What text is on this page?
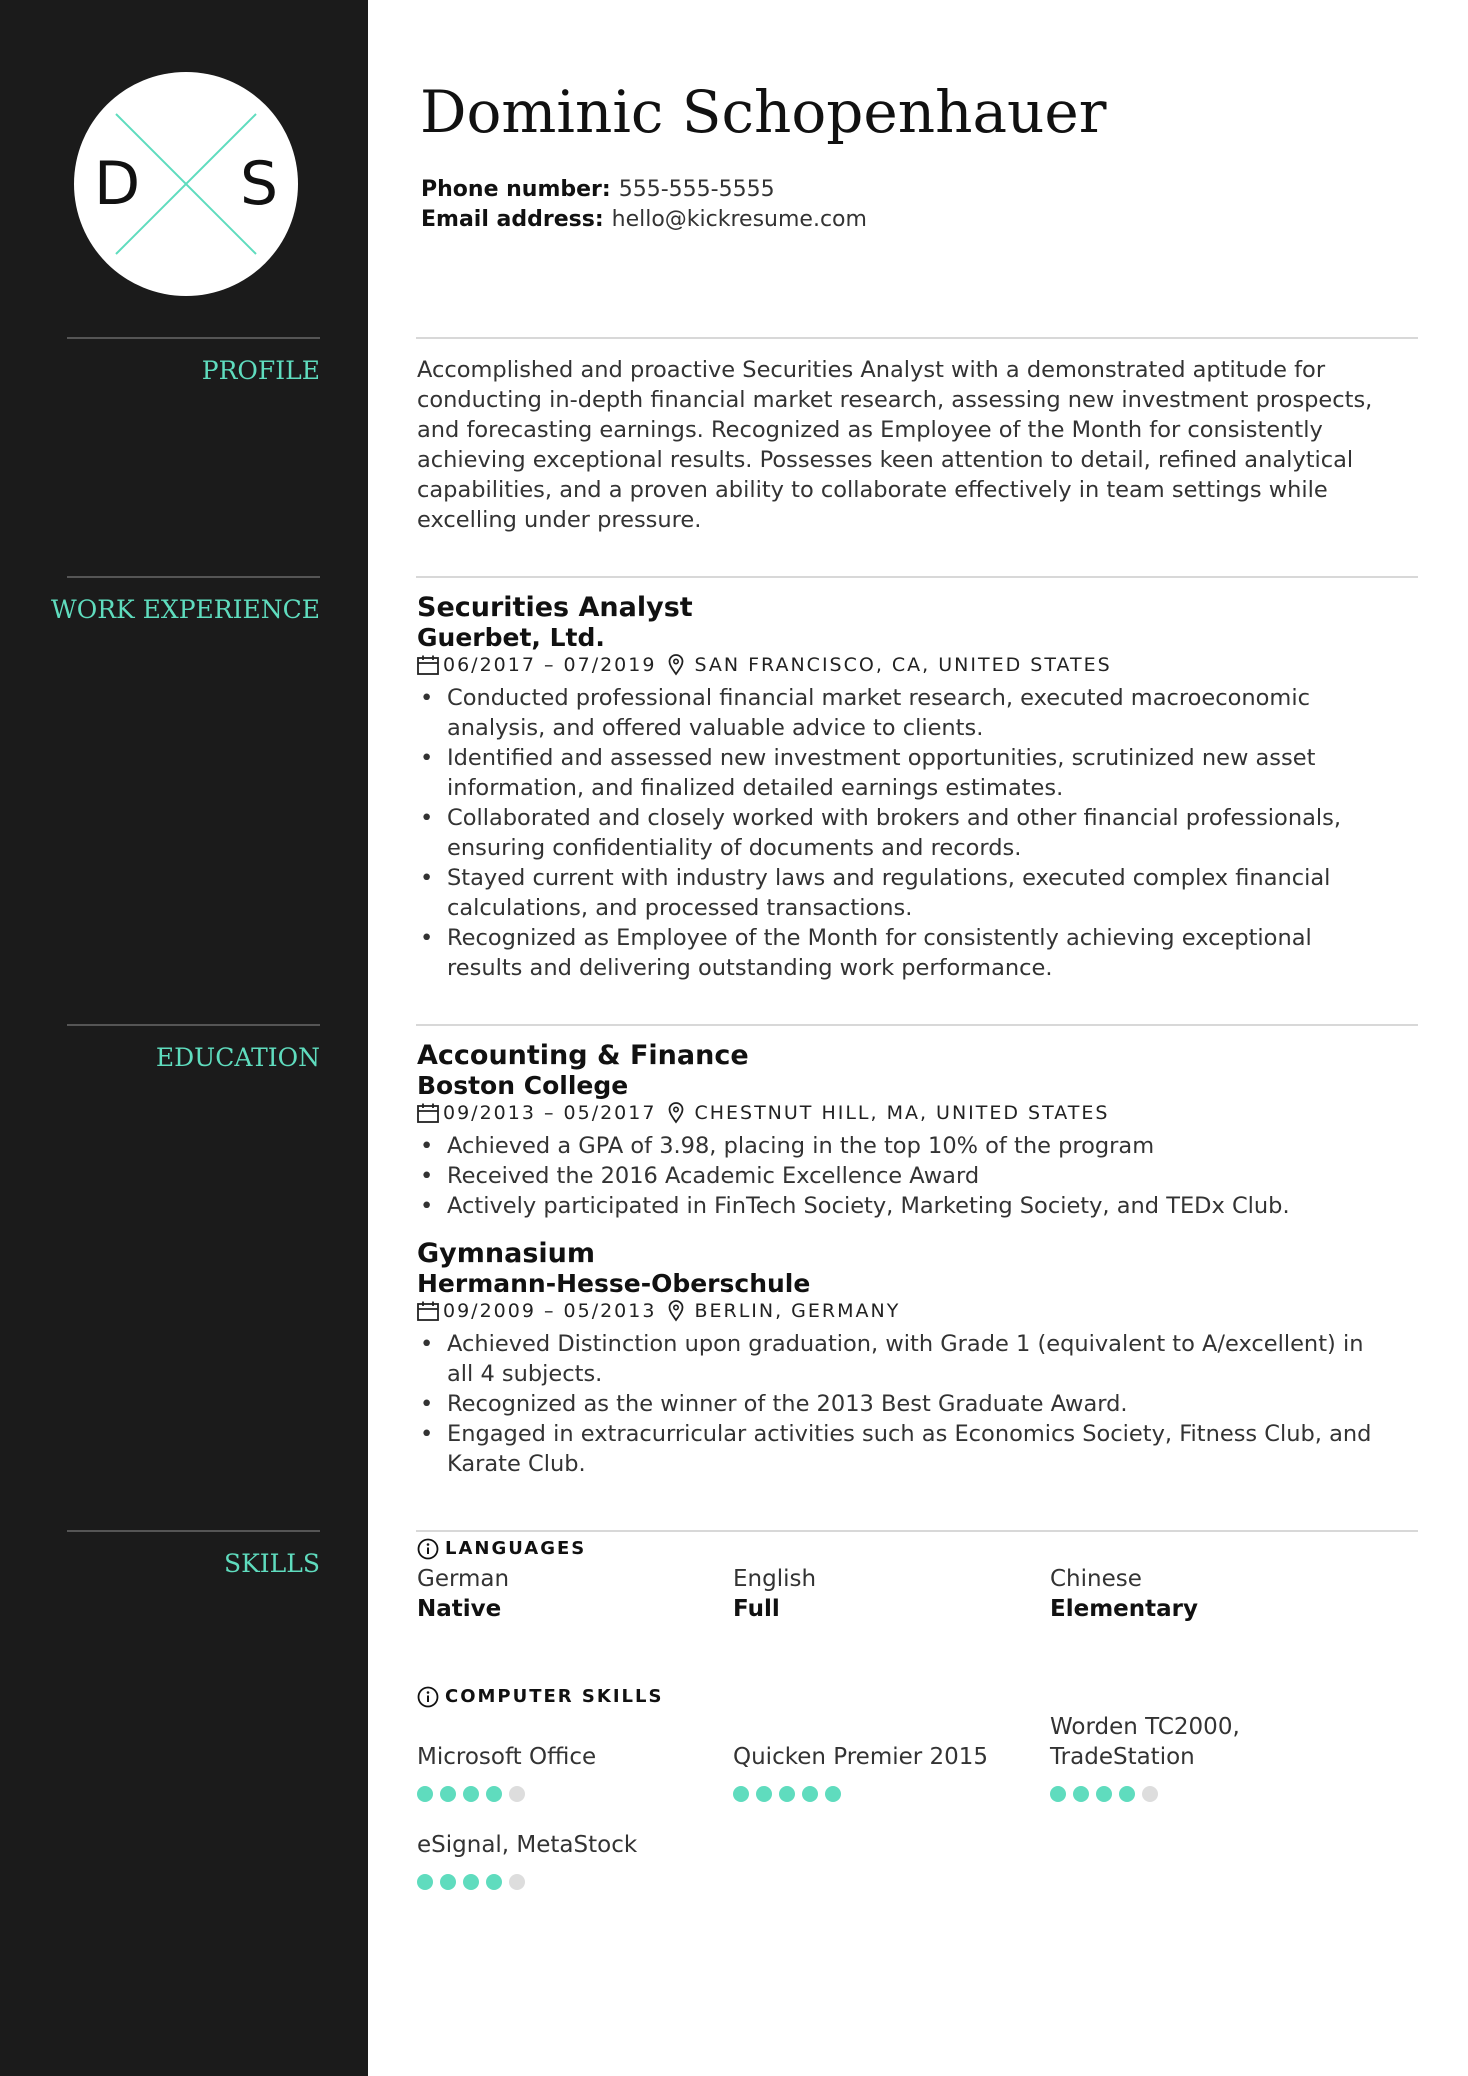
D S
PROFILE
WORK EXPERIENCE
EDUCATION
SKILLS
Dominic Schopenhauer
Phone number: 555-555-5555
Email address: hello@kickresume.com
Accomplished and proactive Securities Analyst with a demonstrated aptitude for conducting in-depth financial market research, assessing new investment prospects, and forecasting earnings. Recognized as Employee of the Month for consistently achieving exceptional results. Possesses keen attention to detail, refined analytical capabilities, and a proven ability to collaborate effectively in team settings while excelling under pressure.
Securities Analyst
Guerbet, Ltd.
06/2017 – 07/2019 SAN FRANCISCO, CA, UNITED STATES
• Conducted professional financial market research, executed macroeconomic analysis, and offered valuable advice to clients.
• Identified and assessed new investment opportunities, scrutinized new asset information, and finalized detailed earnings estimates.
• Collaborated and closely worked with brokers and other financial professionals, ensuring confidentiality of documents and records.
• Stayed current with industry laws and regulations, executed complex financial calculations, and processed transactions.
• Recognized as Employee of the Month for consistently achieving exceptional results and delivering outstanding work performance.
Accounting & Finance
Boston College
09/2013 – 05/2017 CHESTNUT HILL, MA, UNITED STATES
• Achieved a GPA of 3.98, placing in the top 10% of the program
• Received the 2016 Academic Excellence Award
• Actively participated in FinTech Society, Marketing Society, and TEDx Club.
Gymnasium
Hermann-Hesse-Oberschule
09/2009 – 05/2013 BERLIN, GERMANY
• Achieved Distinction upon graduation, with Grade 1 (equivalent to A/excellent) in all 4 subjects.
• Recognized as the winner of the 2013 Best Graduate Award.
• Engaged in extracurricular activities such as Economics Society, Fitness Club, and Karate Club.
LANGUAGES
German
Native
English
Full
Chinese
Elementary
COMPUTER SKILLS
Microsoft Office	Quicken Premier 2015
Worden TC2000, TradeStation
eSignal, MetaStock
